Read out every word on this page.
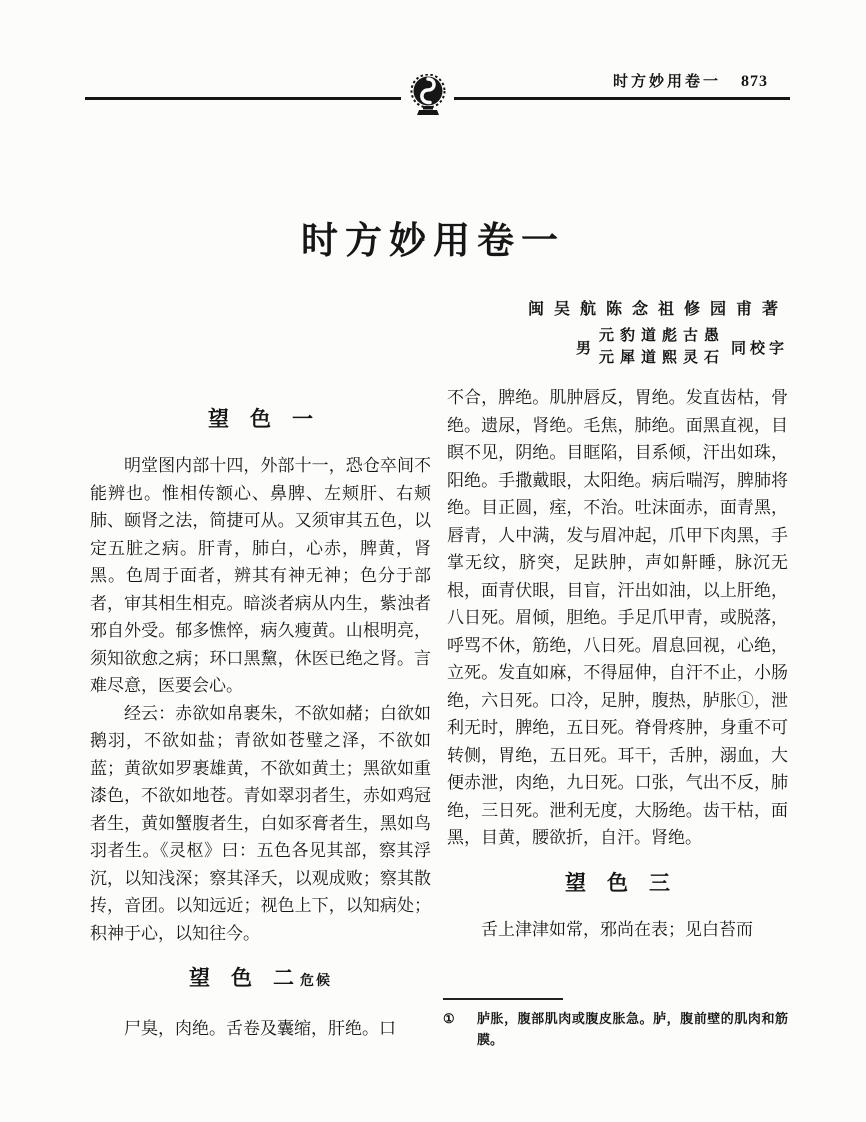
时方妙用卷一 873
时方妙用卷一
闽吴航陈念祖修园甫著
男
元豹道彪古愚
元犀道熙灵石
同校字
望　色　一

明堂图内部十四，外部十一，恐仓卒间不能辨也。惟相传额心、鼻脾、左颊肝、右颊肺、颐肾之法，简捷可从。又须审其五色，以定五脏之病。肝青，肺白，心赤，脾黄，肾黑。色周于面者，辨其有神无神；色分于部者，审其相生相克。暗淡者病从内生，紫浊者邪自外受。郁多憔悴，病久瘦黄。山根明亮，须知欲愈之病；环口黑黧，休医已绝之肾。言难尽意，医要会心。

经云：赤欲如帛裹朱，不欲如赭；白欲如鹅羽，不欲如盐；青欲如苍璧之泽，不欲如蓝；黄欲如罗裹雄黄，不欲如黄土；黑欲如重漆色，不欲如地苍。青如翠羽者生，赤如鸡冠者生，黄如蟹腹者生，白如豕膏者生，黑如鸟羽者生。《灵枢》曰：五色各见其部，察其浮沉，以知浅深；察其泽夭，以观成败；察其散抟，音团。以知远近；视色上下，以知病处；积神于心，以知往今。

望　色　二 危候

尸臭，肉绝。舌卷及囊缩，肝绝。口

不合，脾绝。肌肿唇反，胃绝。发直齿枯，骨绝。遗尿，肾绝。毛焦，肺绝。面黑直视，目瞑不见，阴绝。目眶陷，目系倾，汗出如珠，阳绝。手撒戴眼，太阳绝。病后喘泻，脾肺将绝。目正圆，痓，不治。吐沫面赤，面青黑，唇青，人中满，发与眉冲起，爪甲下肉黑，手掌无纹，脐突，足趺肿，声如鼾睡，脉沉无根，面青伏眼，目盲，汗出如油，以上肝绝，八日死。眉倾，胆绝。手足爪甲青，或脱落，呼骂不休，筋绝，八日死。眉息回视，心绝，立死。发直如麻，不得屈伸，自汗不止，小肠绝，六日死。口冷，足肿，腹热，胪胀①，泄利无时，脾绝，五日死。脊骨疼肿，身重不可转侧，胃绝，五日死。耳干，舌肿，溺血，大便赤泄，肉绝，九日死。口张，气出不反，肺绝，三日死。泄利无度，大肠绝。齿干枯，面黑，目黄，腰欲折，自汗。肾绝。

望　色　三

舌上津津如常，邪尚在表；见白苔而

①	胪胀，腹部肌肉或腹皮胀急。胪，腹前壁的肌肉和筋膜。
